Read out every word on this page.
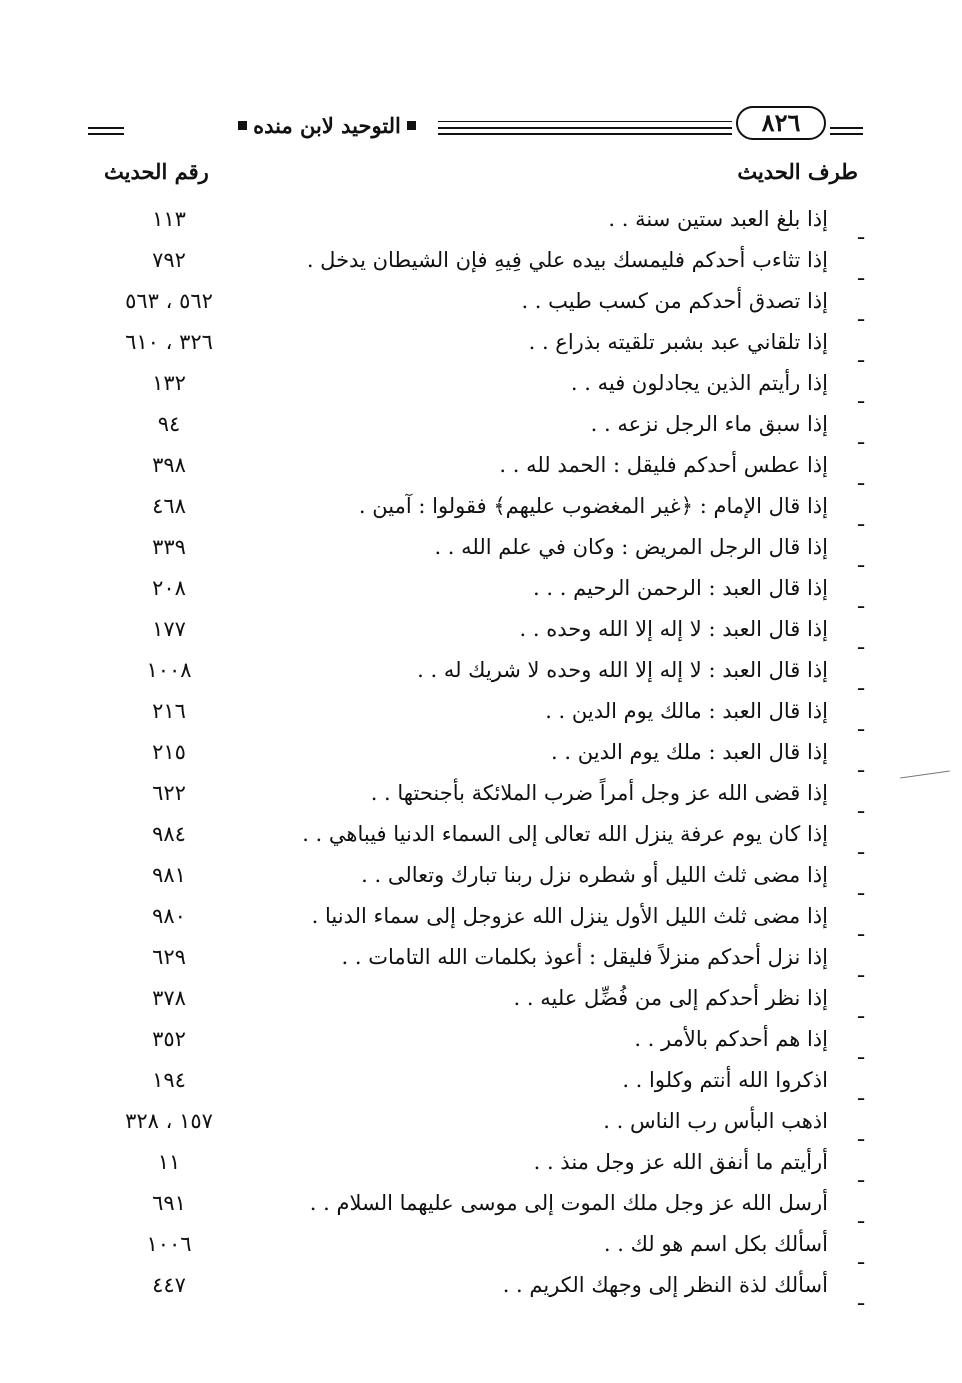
٨٢٦
التوحيد لابن منده
طرف الحديث
رقم الحديث
ـ
إذا بلغ العبد ستين سنة . .
١١٣
ـ
إذا تثاءب أحدكم فليمسك بيده علي فِيهِ فإن الشيطان يدخل .
٧٩٢
ـ
إذا تصدق أحدكم من كسب طيب . .
٥٦٢ ، ٥٦٣
ـ
إذا تلقاني عبد بشبر تلقيته بذراع . .
٣٢٦ ، ٦١٠
ـ
إذا رأيتم الذين يجادلون فيه . .
١٣٢
ـ
إذا سبق ماء الرجل نزعه . .
٩٤
ـ
إذا عطس أحدكم فليقل : الحمد لله . .
٣٩٨
ـ
إذا قال الإمام : ﴿غير المغضوب عليهم﴾ فقولوا : آمين .
٤٦٨
ـ
إذا قال الرجل المريض : وكان في علم الله . .
٣٣٩
ـ
إذا قال العبد : الرحمن الرحيم . . .
٢٠٨
ـ
إذا قال العبد : لا إله إلا الله وحده . .
١٧٧
ـ
إذا قال العبد : لا إله إلا الله وحده لا شريك له . .
١٠٠٨
ـ
إذا قال العبد : مالك يوم الدين . .
٢١٦
ـ
إذا قال العبد : ملك يوم الدين . .
٢١٥
ـ
إذا قضى الله عز وجل أمراً ضرب الملائكة بأجنحتها . .
٦٢٢
ـ
إذا كان يوم عرفة ينزل الله تعالى إلى السماء الدنيا فيباهي . .
٩٨٤
ـ
إذا مضى ثلث الليل أو شطره نزل ربنا تبارك وتعالى . .
٩٨١
ـ
إذا مضى ثلث الليل الأول ينزل الله عزوجل إلى سماء الدنيا .
٩٨٠
ـ
إذا نزل أحدكم منزلاً فليقل : أعوذ بكلمات الله التامات . .
٦٢٩
ـ
إذا نظر أحدكم إلى من فُضِّل عليه . .
٣٧٨
ـ
إذا هم أحدكم بالأمر . .
٣٥٢
ـ
اذكروا الله أنتم وكلوا . .
١٩٤
ـ
اذهب البأس رب الناس . .
١٥٧ ، ٣٢٨
ـ
أرأيتم ما أنفق الله عز وجل منذ . .
١١
ـ
أرسل الله عز وجل ملك الموت إلى موسى عليهما السلام . .
٦٩١
ـ
أسألك بكل اسم هو لك . .
١٠٠٦
ـ
أسألك لذة النظر إلى وجهك الكريم . .
٤٤٧
